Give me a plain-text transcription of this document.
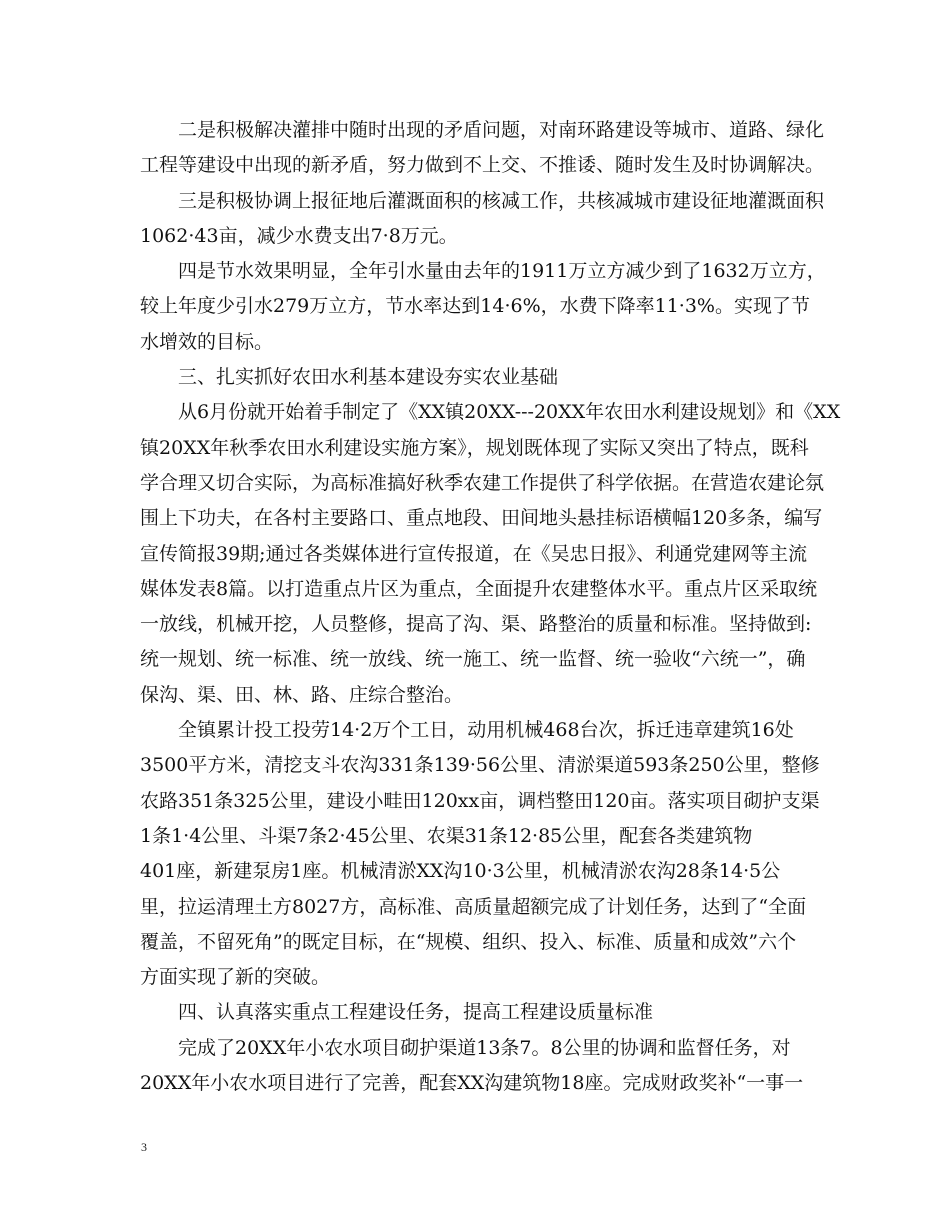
　　二是积极解决灌排中随时出现的矛盾问题，对南环路建设等城市、道路、绿化
工程等建设中出现的新矛盾，努力做到不上交、不推诿、随时发生及时协调解决。
　　三是积极协调上报征地后灌溉面积的核减工作，共核减城市建设征地灌溉面积
1062·43亩，减少水费支出7·8万元。
　　四是节水效果明显，全年引水量由去年的1911万立方减少到了1632万立方，
较上年度少引水279万立方，节水率达到14·6%，水费下降率11·3%。实现了节
水增效的目标。
　　三、扎实抓好农田水利基本建设夯实农业基础
　　从6月份就开始着手制定了《XX镇20XX---20XX年农田水利建设规划》和《XX
镇20XX年秋季农田水利建设实施方案》，规划既体现了实际又突出了特点，既科
学合理又切合实际，为高标准搞好秋季农建工作提供了科学依据。在营造农建论氛
围上下功夫，在各村主要路口、重点地段、田间地头悬挂标语横幅120多条，编写
宣传简报39期;通过各类媒体进行宣传报道，在《吴忠日报》、利通党建网等主流
媒体发表8篇。以打造重点片区为重点，全面提升农建整体水平。重点片区采取统
一放线，机械开挖，人员整修，提高了沟、渠、路整治的质量和标准。坚持做到:
统一规划、统一标准、统一放线、统一施工、统一监督、统一验收“六统一”，确
保沟、渠、田、林、路、庄综合整治。
　　全镇累计投工投劳14·2万个工日，动用机械468台次，拆迁违章建筑16处
3500平方米，清挖支斗农沟331条139·56公里、清淤渠道593条250公里，整修
农路351条325公里，建设小畦田120xx亩，调档整田120亩。落实项目砌护支渠
1条1·4公里、斗渠7条2·45公里、农渠31条12·85公里，配套各类建筑物
401座，新建泵房1座。机械清淤XX沟10·3公里，机械清淤农沟28条14·5公
里，拉运清理土方8027方，高标准、高质量超额完成了计划任务，达到了“全面
覆盖，不留死角”的既定目标，在“规模、组织、投入、标准、质量和成效”六个
方面实现了新的突破。
　　四、认真落实重点工程建设任务，提高工程建设质量标准
　　完成了20XX年小农水项目砌护渠道13条7。8公里的协调和监督任务，对
20XX年小农水项目进行了完善，配套XX沟建筑物18座。完成财政奖补“一事一
3
